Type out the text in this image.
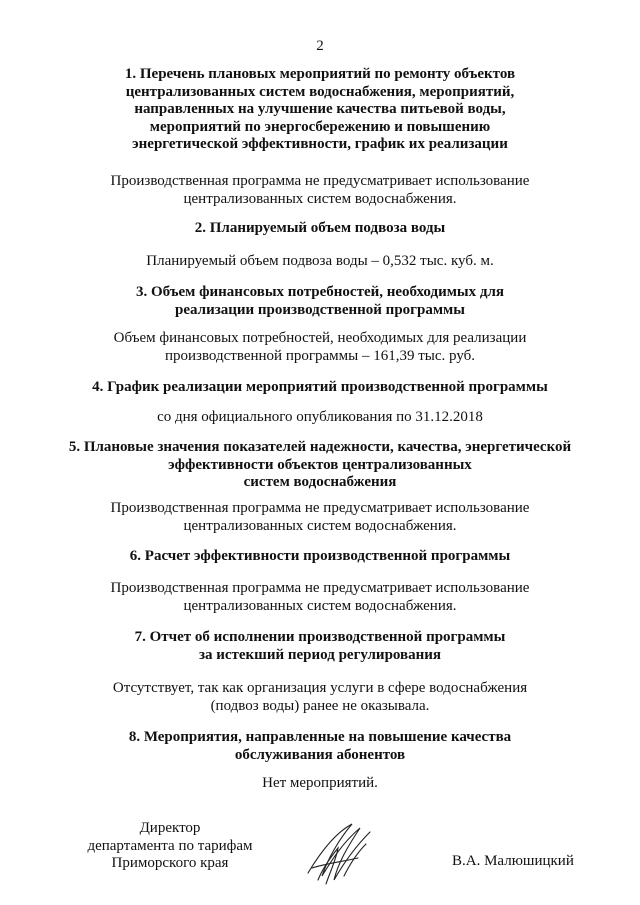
2
1. Перечень плановых мероприятий по ремонту объектов
централизованных систем водоснабжения, мероприятий,
направленных на улучшение качества питьевой воды,
мероприятий по энергосбережению и повышению
энергетической эффективности, график их реализации
Производственная программа не предусматривает использование
централизованных систем водоснабжения.
2. Планируемый объем подвоза воды
Планируемый объем подвоза воды – 0,532 тыс. куб. м.
3. Объем финансовых потребностей, необходимых для
реализации производственной программы
Объем финансовых потребностей, необходимых для реализации
производственной программы – 161,39 тыс. руб.
4. График реализации мероприятий производственной программы
со дня официального опубликования по 31.12.2018
5. Плановые значения показателей надежности, качества, энергетической
эффективности объектов централизованных
систем водоснабжения
Производственная программа не предусматривает использование
централизованных систем водоснабжения.
6. Расчет эффективности производственной программы
Производственная программа не предусматривает использование
централизованных систем водоснабжения.
7. Отчет об исполнении производственной программы
за истекший период регулирования
Отсутствует, так как организация услуги в сфере водоснабжения
(подвоз воды) ранее не оказывала.
8. Мероприятия, направленные на повышение качества
обслуживания абонентов
Нет мероприятий.
Директор
департамента по тарифам
Приморского края	В.А. Малюшицкий
